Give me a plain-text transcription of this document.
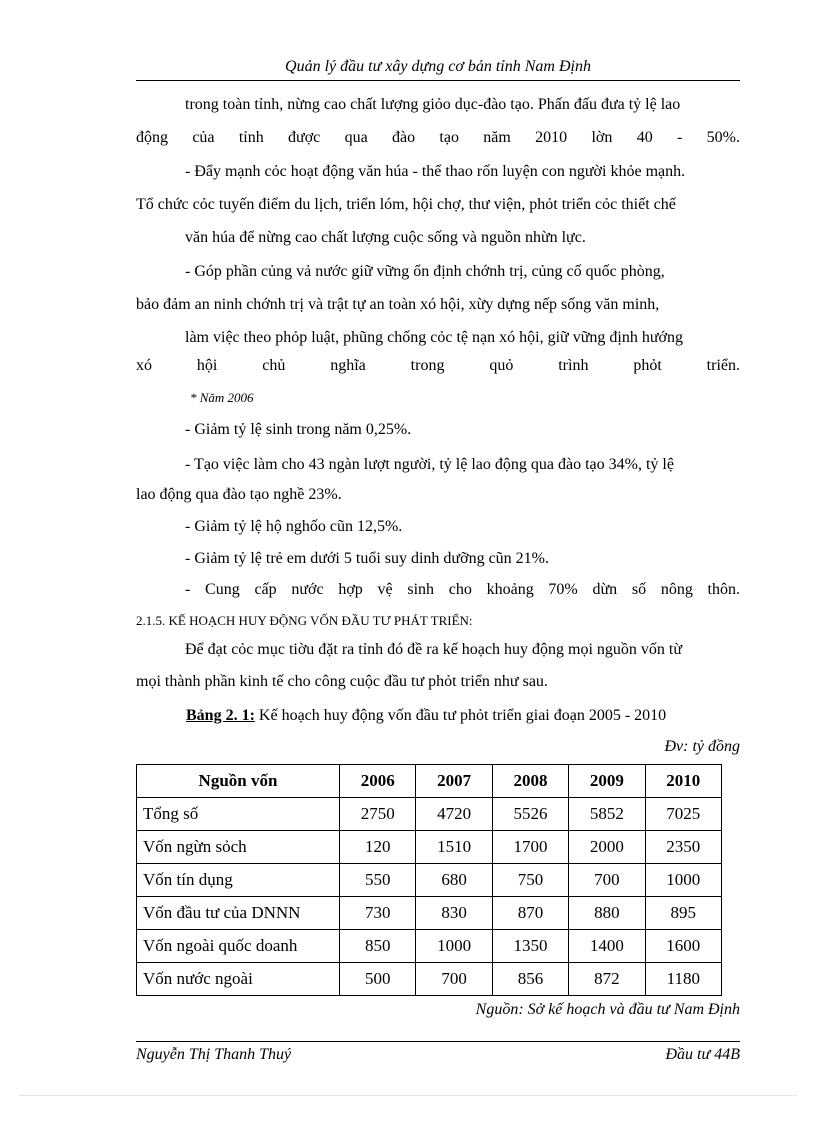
Quản lý đầu tư xây dựng cơ bản tỉnh Nam Định
trong toàn tỉnh, nừng cao chất lượng giỏo dục-đào tạo. Phấn đấu đưa tỷ lệ lao
động của tỉnh được qua đào tạo năm 2010 lờn 40 - 50%.
- Đẩy mạnh cỏc hoạt động văn húa - thể thao rốn luyện con người khỏe mạnh.
Tổ chức cỏc tuyến điểm du lịch, triển lóm, hội chợ, thư viện, phỏt triển cỏc thiết chế
văn húa để nừng cao chất lượng cuộc sống và nguồn nhừn lực.
- Góp phần củng vả nước giữ vững ổn định chớnh trị, củng cố quốc phòng,
bảo đảm an ninh chớnh trị và trật tự an toàn xó hội, xừy dựng nếp sống văn minh,
làm việc theo phỏp luật, phũng chống cỏc tệ nạn xó hội, giữ vững định hướng
xó hội chủ nghĩa trong quỏ trình phỏt triển.
* Năm 2006
- Giảm tỷ lệ sinh trong năm 0,25%.
- Tạo việc làm cho 43 ngàn lượt người, tỷ lệ lao động qua đào tạo 34%, tỷ lệ
lao động qua đào tạo nghề 23%.
- Giảm tỷ lệ hộ nghốo cũn 12,5%.
- Giảm tỷ lệ trẻ em dưới 5 tuổi suy dinh dưỡng cũn 21%.
- Cung cấp nước hợp vệ sinh cho khoảng 70% dừn số nông thôn.
2.1.5. KẾ HOẠCH HUY ĐỘNG VỐN ĐẦU TƯ PHÁT TRIỂN:
Để đạt cỏc mục tiờu đặt ra tỉnh đó đề ra kế hoạch huy động mọi nguồn vốn từ
mọi thành phần kinh tế cho công cuộc đầu tư phỏt triển như sau.
Bảng 2. 1: Kế hoạch huy động vốn đầu tư phỏt triển giai đoạn 2005 - 2010
Đv: tỷ đồng
Nguồn vốn	2006	2007	2008	2009	2010
Tổng số	2750	4720	5526	5852	7025
Vốn ngừn sỏch	120	1510	1700	2000	2350
Vốn tín dụng	550	680	750	700	1000
Vốn đầu tư của DNNN	730	830	870	880	895
Vốn ngoài quốc doanh	850	1000	1350	1400	1600
Vốn nước ngoài	500	700	856	872	1180
Nguồn: Sở kế hoạch và đầu tư Nam Định
Nguyễn Thị Thanh Thuý	Đầu tư 44B
